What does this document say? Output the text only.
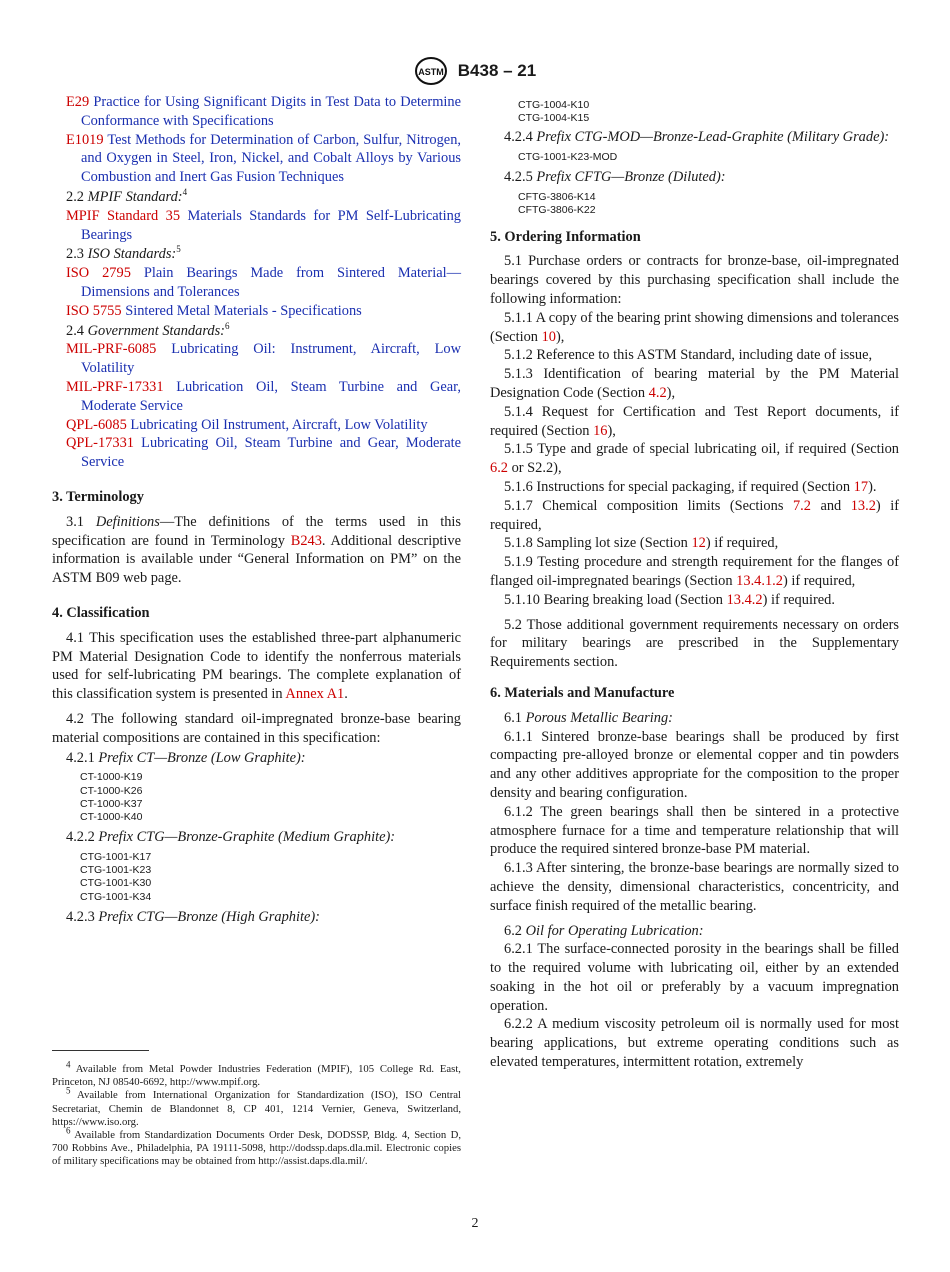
ASTM B438 – 21

E29 Practice for Using Significant Digits in Test Data to Determine Conformance with Specifications

E1019 Test Methods for Determination of Carbon, Sulfur, Nitrogen, and Oxygen in Steel, Iron, Nickel, and Cobalt Alloys by Various Combustion and Inert Gas Fusion Techniques

2.2 MPIF Standard:$^4$

MPIF Standard 35 Materials Standards for PM Self-Lubricating Bearings

2.3 ISO Standards:$^5$

ISO 2795 Plain Bearings Made from Sintered Material—Dimensions and Tolerances

ISO 5755 Sintered Metal Materials - Specifications

2.4 Government Standards:$^6$

MIL-PRF-6085 Lubricating Oil: Instrument, Aircraft, Low Volatility

MIL-PRF-17331 Lubrication Oil, Steam Turbine and Gear, Moderate Service

QPL-6085 Lubricating Oil Instrument, Aircraft, Low Volatility

QPL-17331 Lubricating Oil, Steam Turbine and Gear, Moderate Service

3. Terminology

3.1 Definitions—The definitions of the terms used in this specification are found in Terminology B243. Additional descriptive information is available under “General Information on PM” on the ASTM B09 web page.

4. Classification

4.1 This specification uses the established three-part alphanumeric PM Material Designation Code to identify the nonferrous materials used for self-lubricating PM bearings. The complete explanation of this classification system is presented in Annex A1.

4.2 The following standard oil-impregnated bronze-base bearing material compositions are contained in this specification:

4.2.1 Prefix CT—Bronze (Low Graphite):

CT-1000-K19
CT-1000-K26
CT-1000-K37
CT-1000-K40

4.2.2 Prefix CTG—Bronze-Graphite (Medium Graphite):

CTG-1001-K17
CTG-1001-K23
CTG-1001-K30
CTG-1001-K34

4.2.3 Prefix CTG—Bronze (High Graphite):

$^4$ Available from Metal Powder Industries Federation (MPIF), 105 College Rd. East, Princeton, NJ 08540-6692, http://www.mpif.org.

$^5$ Available from International Organization for Standardization (ISO), ISO Central Secretariat, Chemin de Blandonnet 8, CP 401, 1214 Vernier, Geneva, Switzerland, https://www.iso.org.

$^6$ Available from Standardization Documents Order Desk, DODSSP, Bldg. 4, Section D, 700 Robbins Ave., Philadelphia, PA 19111-5098, http://dodssp.daps.dla.mil. Electronic copies of military specifications may be obtained from http://assist.daps.dla.mil/.

CTG-1004-K10
CTG-1004-K15

4.2.4 Prefix CTG-MOD—Bronze-Lead-Graphite (Military Grade):

CTG-1001-K23-MOD

4.2.5 Prefix CFTG—Bronze (Diluted):

CFTG-3806-K14
CFTG-3806-K22

5. Ordering Information

5.1 Purchase orders or contracts for bronze-base, oil-impregnated bearings covered by this purchasing specification shall include the following information:

5.1.1 A copy of the bearing print showing dimensions and tolerances (Section 10),

5.1.2 Reference to this ASTM Standard, including date of issue,

5.1.3 Identification of bearing material by the PM Material Designation Code (Section 4.2),

5.1.4 Request for Certification and Test Report documents, if required (Section 16),

5.1.5 Type and grade of special lubricating oil, if required (Section 6.2 or S2.2),

5.1.6 Instructions for special packaging, if required (Section 17).

5.1.7 Chemical composition limits (Sections 7.2 and 13.2) if required,

5.1.8 Sampling lot size (Section 12) if required,

5.1.9 Testing procedure and strength requirement for the flanges of flanged oil-impregnated bearings (Section 13.4.1.2) if required,

5.1.10 Bearing breaking load (Section 13.4.2) if required.

5.2 Those additional government requirements necessary on orders for military bearings are prescribed in the Supplementary Requirements section.

6. Materials and Manufacture

6.1 Porous Metallic Bearing:

6.1.1 Sintered bronze-base bearings shall be produced by first compacting pre-alloyed bronze or elemental copper and tin powders and any other additives appropriate for the composition to the proper density and bearing configuration.

6.1.2 The green bearings shall then be sintered in a protective atmosphere furnace for a time and temperature relationship that will produce the required sintered bronze-base PM material.

6.1.3 After sintering, the bronze-base bearings are normally sized to achieve the density, dimensional characteristics, concentricity, and surface finish required of the metallic bearing.

6.2 Oil for Operating Lubrication:

6.2.1 The surface-connected porosity in the bearings shall be filled to the required volume with lubricating oil, either by an extended soaking in the hot oil or preferably by a vacuum impregnation operation.

6.2.2 A medium viscosity petroleum oil is normally used for most bearing applications, but extreme operating conditions such as elevated temperatures, intermittent rotation, extremely

2
